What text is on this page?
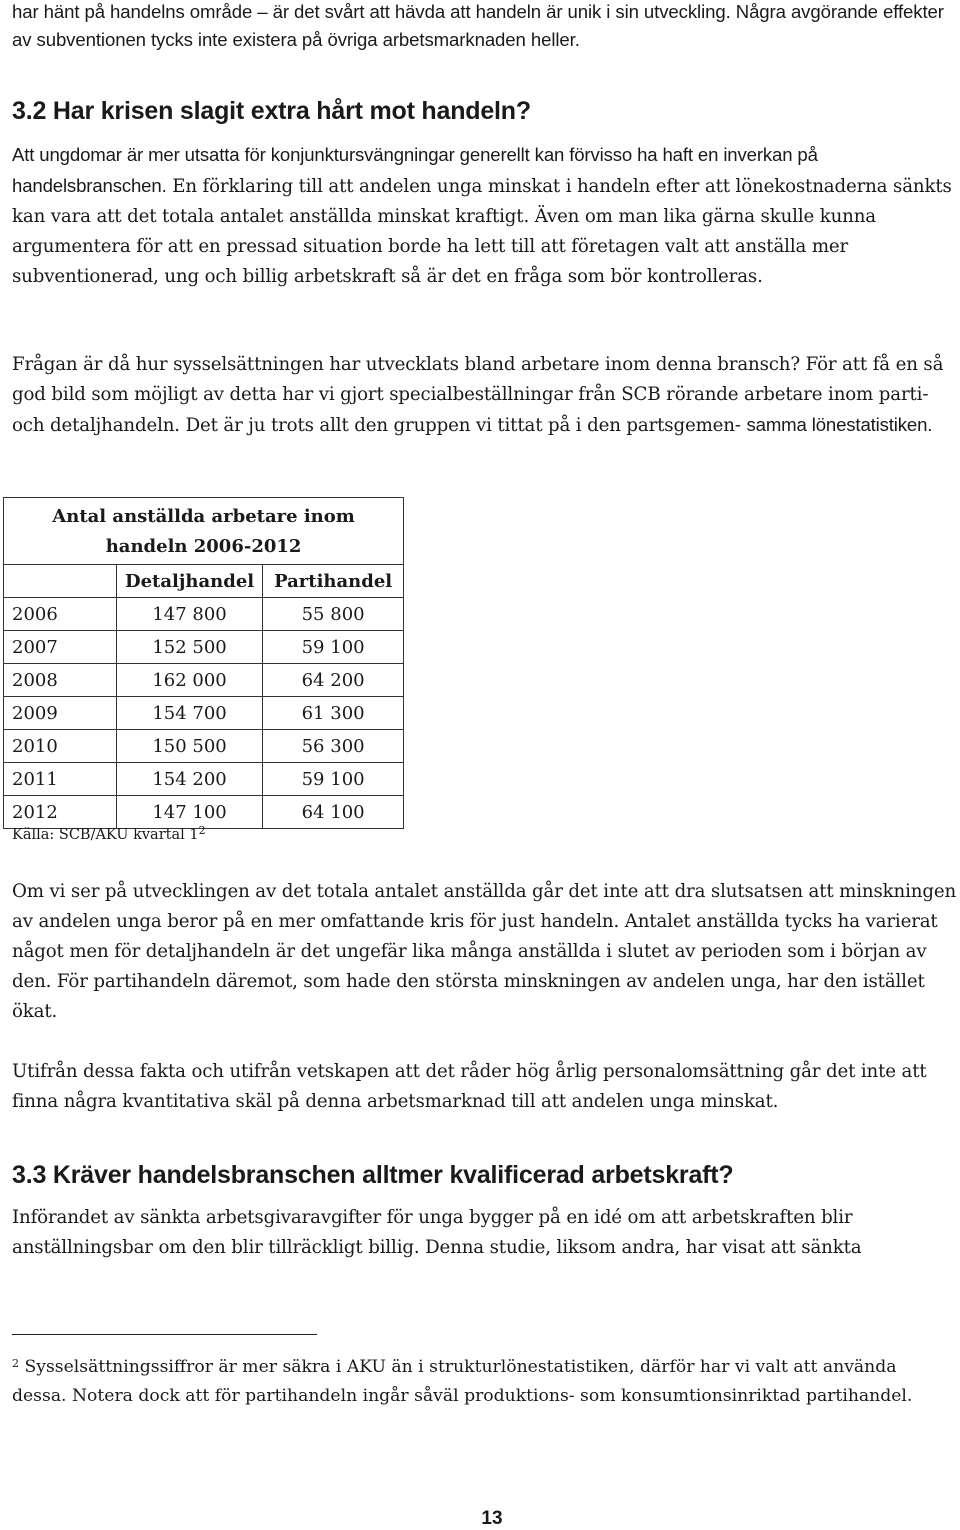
har hänt på handelns område – är det svårt att hävda att handeln är unik i sin utveckling. Några avgörande effekter av subventionen tycks inte existera på övriga arbetsmarknaden heller.

3.2 Har krisen slagit extra hårt mot handeln?

Att ungdomar är mer utsatta för konjunktursvängningar generellt kan förvisso ha haft en inverkan på handelsbranschen. En förklaring till att andelen unga minskat i handeln efter att lönekostnaderna sänkts kan vara att det totala antalet anställda minskat kraftigt. Även om man lika gärna skulle kunna argumentera för att en pressad situation borde ha lett till att företagen valt att anställa mer subventionerad, ung och billig arbetskraft så är det en fråga som bör kontrolleras.

Frågan är då hur sysselsättningen har utvecklats bland arbetare inom denna bransch? För att få en så god bild som möjligt av detta har vi gjort specialbeställningar från SCB rörande arbetare inom parti- och detaljhandeln. Det är ju trots allt den gruppen vi tittat på i den partsgemen- samma lönestatistiken.

Antal anställda arbetare inom
handeln 2006-2012		

	Detaljhandel	Partihandel
2006	147 800	55 800
2007	152 500	59 100
2008	162 000	64 200
2009	154 700	61 300
2010	150 500	56 300
2011	154 200	59 100
2012	147 100	64 100
Källa: SCB/AKU kvartal $1^2$

Om vi ser på utvecklingen av det totala antalet anställda går det inte att dra slutsatsen att minskningen av andelen unga beror på en mer omfattande kris för just handeln. Antalet anställda tycks ha varierat något men för detaljhandeln är det ungefär lika många anställda i slutet av perioden som i början av den. För partihandeln däremot, som hade den största minskningen av andelen unga, har den istället ökat.

Utifrån dessa fakta och utifrån vetskapen att det råder hög årlig personalomsättning går det inte att finna några kvantitativa skäl på denna arbetsmarknad till att andelen unga minskat.

3.3 Kräver handelsbranschen alltmer kvalificerad arbetskraft?

Införandet av sänkta arbetsgivaravgifter för unga bygger på en idé om att arbetskraften blir anställningsbar om den blir tillräckligt billig. Denna studie, liksom andra, har visat att sänkta

$^2$ Sysselsättningssiffror är mer säkra i AKU än i strukturlönestatistiken, därför har vi valt att använda dessa. Notera dock att för partihandeln ingår såväl produktions- som konsumtionsinriktad partihandel.

13
